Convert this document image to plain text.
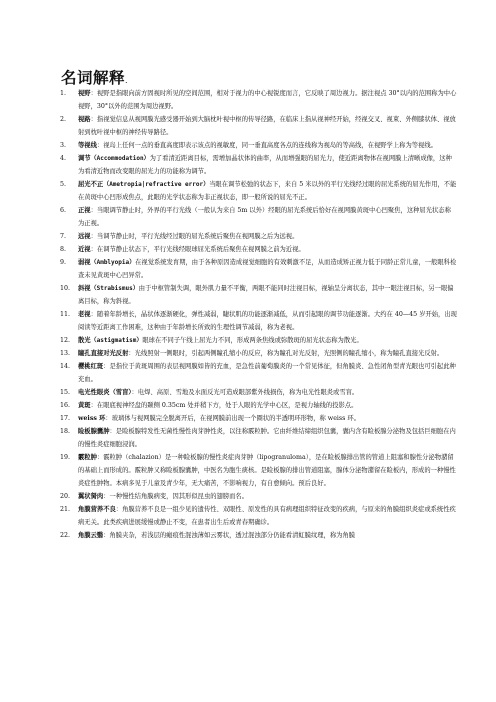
名词解释.
1. 视野：视野是指眼向前方固视时所见的空间范围，相对于视力的中心视锐度而言，它反映了周边视力。据注视点 30°以内的范围称为中心视野，30°以外的范围为周边视野。
2. 视路：指视觉信息从视网膜光感受器开始到大脑枕叶视中枢的传导径路，在临床上指从视神经开始，经视交叉、视束、外侧膝状体、视放射到枕叶视中枢的神经传导路径。
3. 等视线：视岛上任何一点的垂直高度即表示该点的视敏度，同一垂直高度各点的连线称为视岛的等高线，在视野学上称为等视线。
4. 调节（Accommodation）为了看清近距离目标，需增加晶状体的曲率，从而增强眼的屈光力，使近距离物体在视网膜上清晰成像，这种为看清近物而改变眼的屈光力的功能称为调节。
5. 屈光不正（Ametropia|refractive error）当眼在调节松弛的状态下，来自 5 米以外的平行光线经过眼的屈光系统的屈光作用，不能在黄斑中心凹形成焦点，此眼的光学状态称为非正视状态，即一般所说的屈光不正。
6. 正视：当眼调节静止时，外界的平行光线（一般认为来自 5m 以外）经眼的屈光系统后恰好在视网膜黄斑中心凹聚焦，这种屈光状态称为正视。
7. 远视：当调节静止时，平行光线经过眼的屈光系统后聚焦在视网膜之后为远视。
8. 近视：在调节静止状态下，平行光线经眼球屈光系统后聚焦在视网膜之前为近视。
9. 弱视（Amblyopia）在视觉系统发育期，由于各种原因造成视觉细胞的有效刺激不足，从而造成矫正视力低于同龄正常儿童，一般眼科检查未见黄斑中心凹异常。
10. 斜视（Strabismus）由于中枢管制失调，眼外肌力量不平衡，两眼不能同时注视目标，视轴呈分离状态，其中一眼注视目标，另一眼偏离目标，称为斜视。
11. 老视：随着年龄增长，晶状体逐渐硬化，弹性减弱，睫状肌的功能逐渐减低，从而引起眼的调节功能逐渐。大约在 40—45 岁开始，出现阅读等近距离工作困难，这种由于年龄增长所致的生理性调节减弱，称为老视。
12. 散光（astigmatism）眼球在不同子午线上屈光力不同，形成两条焦线或弥散斑的屈光状态称为散光。
13. 瞳孔直接对光反射：光线照射一侧眼时，引起两侧瞳孔缩小的反应，称为瞳孔对光反射，光照侧的瞳孔缩小，称为瞳孔直接光反射。
14. 樱桃红斑：是指位于黄斑周围的表层视网膜如皆的充血，是急性前葡萄膜炎的一个常见体征，但角膜炎、急性闭角型青光眼也可引起此种充血。
15. 电光性眼炎（雪盲）：电焊、高原、雪地及水面反光可造成眼部紫外线损伤，称为电光性眼炎或雪盲。
16. 黄斑：在眼底视神经盘的颞侧 0.35cm 处并稍下方，处于人眼的光学中心区，是视力轴线的投影点。
17. weiss 环：玻璃体与视网膜完全脱离开后，在视网膜前出现一个圈状的半透明环形物，称 weiss 环。
18. 睑板腺囊肿：是睑板腺特发性无菌性慢性肉芽肿性炎，以往称霰粒肿。它由纤维结缔组织包囊，囊内含有睑板腺分泌物及包括巨细胞在内的慢性炎症细胞浸润。
19. 霰粒肿：霰粒肿（chalazion）是一种睑板腺的慢性炎症肉芽肿（lipogranuloma），是在睑板腺排出管的管道上阻塞和腺性分泌物潴留的基础上而形成的。霰粒肿又称睑板腺囊肿，中医名为胞生痰核。是睑板腺的排出管道阻塞，腺体分泌物潴留在睑板内，形成的一种慢性炎症性肿物。本病多见于儿童及青少年，无大痛苦，不影响视力，有自愈倾向。预后良好。
20. 翼状胬肉：一种慢性结角膜病变，因其形似昆虫的翅膀而名。
21. 角膜营养不良：角膜营养不良是一组少见的遗传性、双眼性、原发性的具有病理组织特征改变的疾病，与原来的角膜组织炎症或系统性疾病无关。此类疾病进展缓慢或静止不变，在患者出生后或青春期确诊。
22. 角膜云翳：角膜夹杂，若浅层的瘢痕性混浊薄如云雾状，透过混浊部分仍能看清虹膜纹理，称为角膜
